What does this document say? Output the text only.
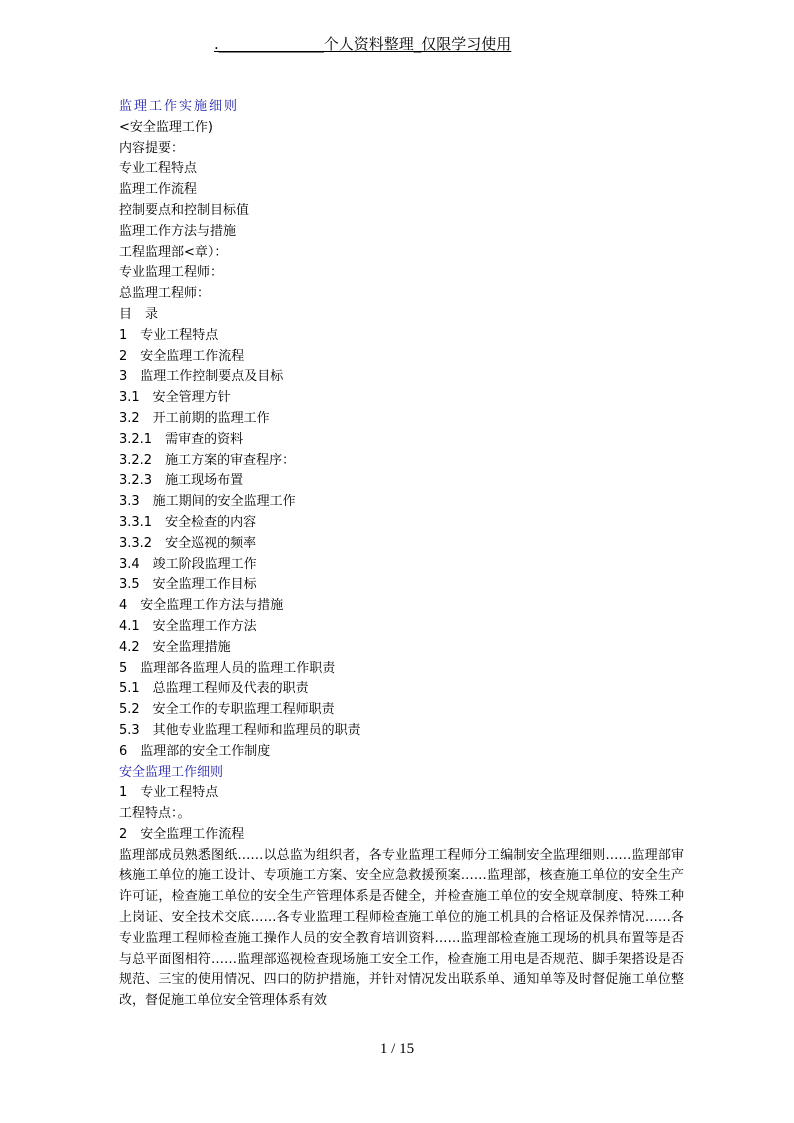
.______________个人资料整理_仅限学习使用
监理工作实施细则
<安全监理工作)
内容提要：
专业工程特点
监理工作流程
控制要点和控制目标值
监理工作方法与措施
工程监理部<章）：
专业监理工程师：
总监理工程师：
目　录
1　专业工程特点
2　安全监理工作流程
3　监理工作控制要点及目标
3.1　安全管理方针
3.2　开工前期的监理工作
3.2.1　需审查的资料
3.2.2　施工方案的审查程序：
3.2.3　施工现场布置
3.3　施工期间的安全监理工作
3.3.1　安全检查的内容
3.3.2　安全巡视的频率
3.4　竣工阶段监理工作
3.5　安全监理工作目标
4　安全监理工作方法与措施
4.1　安全监理工作方法
4.2　安全监理措施
5　监理部各监理人员的监理工作职责
5.1　总监理工程师及代表的职责
5.2　安全工作的专职监理工程师职责
5.3　其他专业监理工程师和监理员的职责
6　监理部的安全工作制度
安全监理工作细则
1　专业工程特点
工程特点：。
2　安全监理工作流程

监理部成员熟悉图纸……以总监为组织者，各专业监理工程师分工编制安全监理细则……监理部审核施工单位的施工设计、专项施工方案、安全应急救援预案……监理部，核查施工单位的安全生产许可证，检查施工单位的安全生产管理体系是否健全，并检查施工单位的安全规章制度、特殊工种上岗证、安全技术交底……各专业监理工程师检查施工单位的施工机具的合格证及保养情况……各专业监理工程师检查施工操作人员的安全教育培训资料……监理部检查施工现场的机具布置等是否与总平面图相符……监理部巡视检查现场施工安全工作，检查施工用电是否规范、脚手架搭设是否规范、三宝的使用情况、四口的防护措施，并针对情况发出联系单、通知单等及时督促施工单位整改，督促施工单位安全管理体系有效

1 / 15
